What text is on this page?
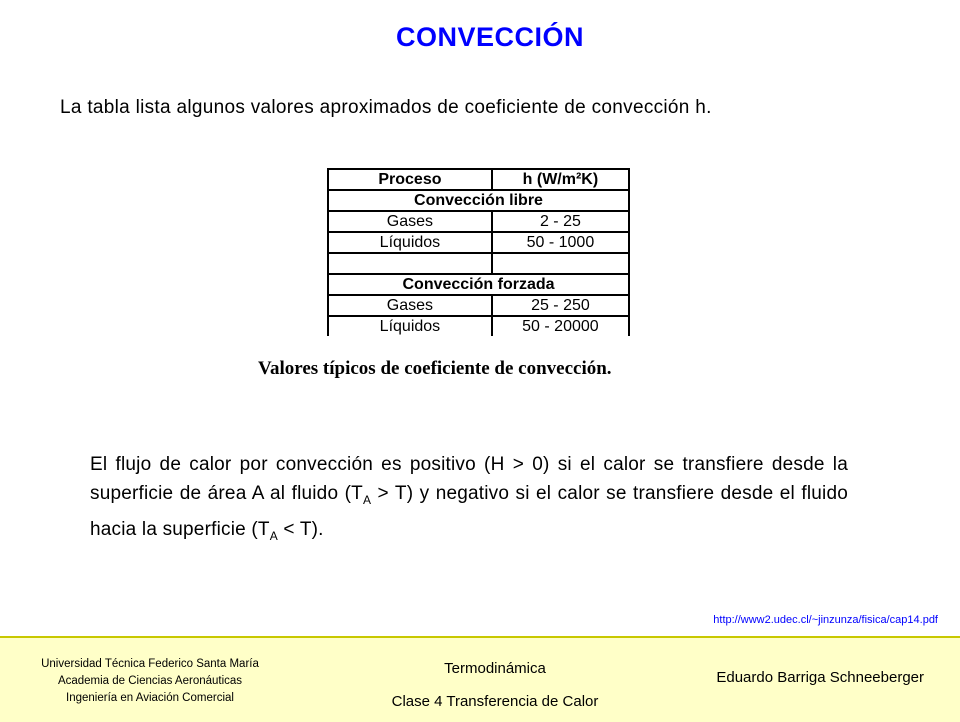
CONVECCIÓN
La tabla lista algunos valores aproximados de coeficiente de convección h.
Proceso	h (W/m²K)
Convección libre	
Gases	2 - 25
Líquidos	50 - 1000

Convección forzada	
Gases	25 - 250
Líquidos	50 - 20000
Valores típicos de coeficiente de convección.
El flujo de calor por convección es positivo (H > 0) si el calor se transfiere desde la superficie de área A al fluido $(T_A > T)$ y negativo si el calor se transfiere desde el fluido hacia la superficie $(T_A < T)$.
http://www2.udec.cl/~jinzunza/fisica/cap14.pdf
Universidad Técnica Federico Santa María
Academia de Ciencias Aeronáuticas
Ingeniería en Aviación Comercial
Termodinámica
Clase 4 Transferencia de Calor
Eduardo Barriga Schneeberger
